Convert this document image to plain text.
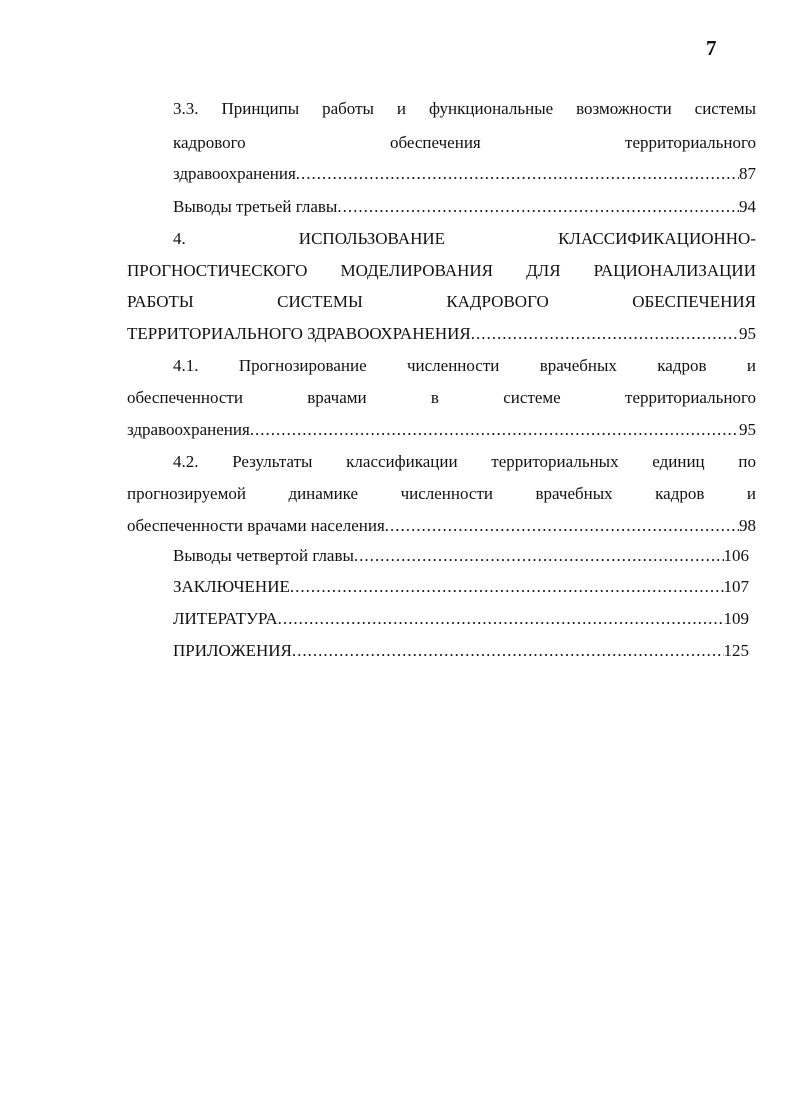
7
3.3. Принципы работы и функциональные возможности системы
кадрового	обеспечения	территориального
здравоохранения .....	87
Выводы третьей главы .....	94
4.	ИСПОЛЬЗОВАНИЕ	КЛАССИФИКАЦИОННО-
ПРОГНОСТИЧЕСКОГО МОДЕЛИРОВАНИЯ ДЛЯ РАЦИОНАЛИЗАЦИИ
РАБОТЫ	СИСТЕМЫ	КАДРОВОГО	ОБЕСПЕЧЕНИЯ
ТЕРРИТОРИАЛЬНОГО ЗДРАВООХРАНЕНИЯ .....	95
4.1. Прогнозирование численности врачебных кадров и
обеспеченности	врачами	в	системе	территориального
здравоохранения .....	95
4.2. Результаты классификации территориальных единиц по
прогнозируемой	динамике	численности	врачебных	кадров	и
обеспеченности врачами населения .....	98
Выводы четвертой главы .....	106
ЗАКЛЮЧЕНИЕ .....	107
ЛИТЕРАТУРА .....	109
ПРИЛОЖЕНИЯ .....	125
